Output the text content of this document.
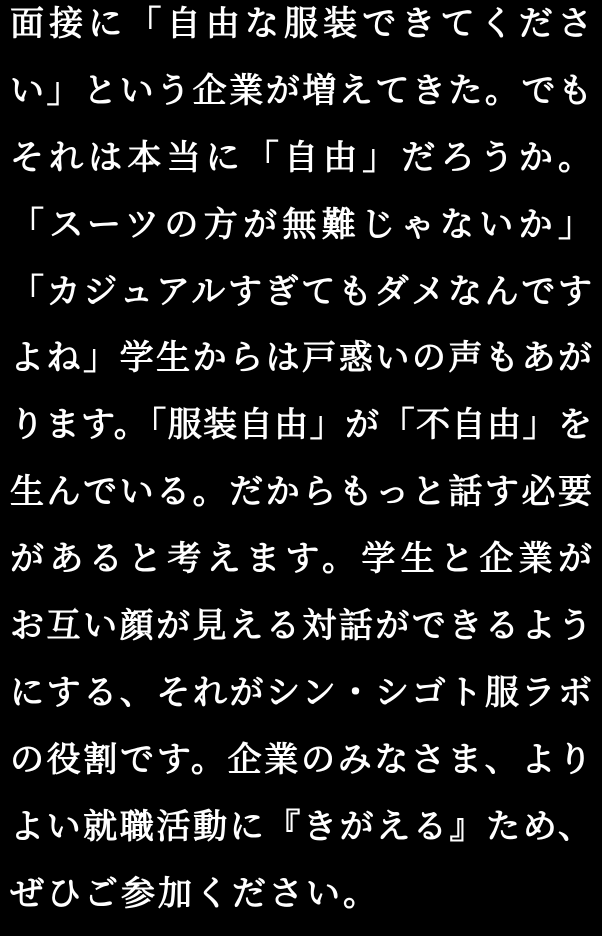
面接に「自由な服装できてくださ
い」という企業が増えてきた。でも
それは本当に「自由」だろうか。
「スーツの方が無難じゃないか」
「カジュアルすぎてもダメなんです
よね」学生からは戸惑いの声もあが
ります。「服装自由」が「不自由」を
生んでいる。だからもっと話す必要
があると考えます。学生と企業が
お互い顔が見える対話ができるよう
にする、それがシン・シゴト服ラボ
の役割です。企業のみなさま、より
よい就職活動に『きがえる』ため、
ぜひご参加ください。
